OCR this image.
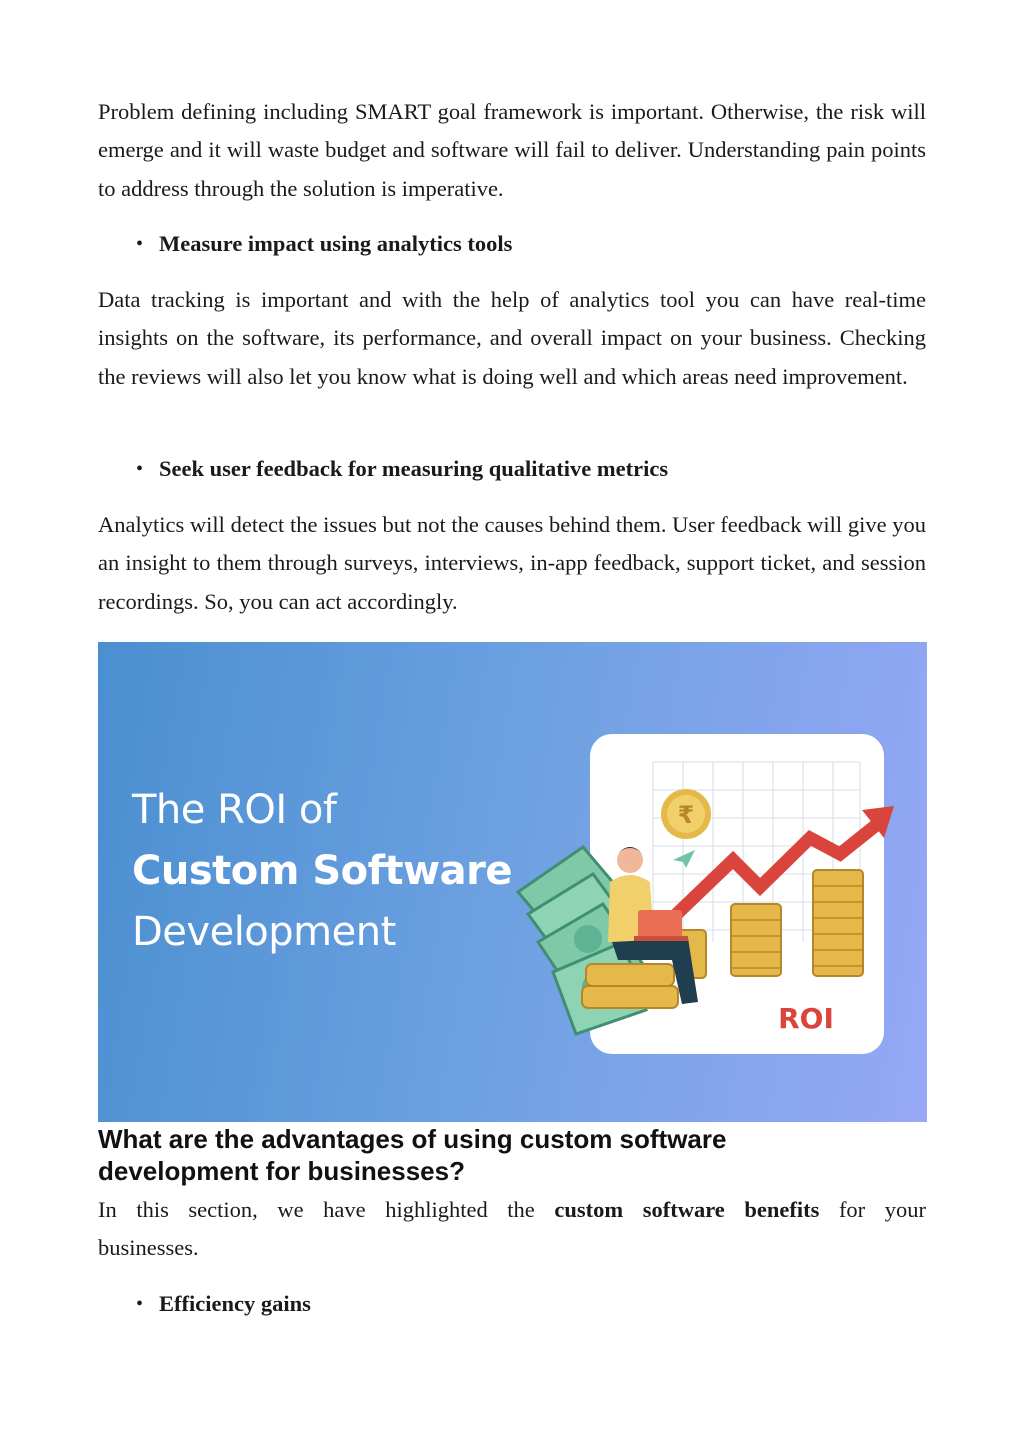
Problem defining including SMART goal framework is important. Otherwise, the risk will emerge and it will waste budget and software will fail to deliver. Understanding pain points to address through the solution is imperative.

• Measure impact using analytics tools

Data tracking is important and with the help of analytics tool you can have real-time insights on the software, its performance, and overall impact on your business. Checking the reviews will also let you know what is doing well and which areas need improvement.

• Seek user feedback for measuring qualitative metrics

Analytics will detect the issues but not the causes behind them. User feedback will give you an insight to them through surveys, interviews, in-app feedback, support ticket, and session recordings. So, you can act accordingly.

The ROI of
Custom Software
Development
₹
ROI
What are the advantages of using custom software development for businesses?

In this section, we have highlighted the custom software benefits for your businesses.

• Efficiency gains
